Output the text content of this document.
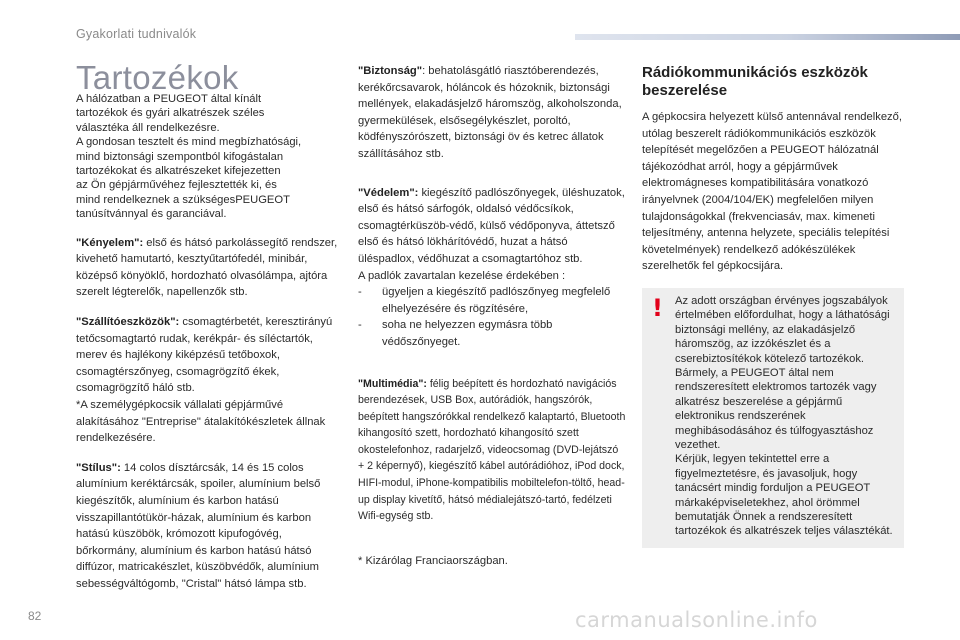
Gyakorlati tudnivalók
Tartozékok

A hálózatban a PEUGEOT által kínált
tartozékok és gyári alkatrészek széles
választéka áll rendelkezésre.
A gondosan tesztelt és mind megbízhatósági,
mind biztonsági szempontból kifogástalan
tartozékokat és alkatrészeket kifejezetten
az Ön gépjárművéhez fejlesztették ki, és
mind rendelkeznek a szükségesPEUGEOT
tanúsítvánnyal és garanciával.

"Kényelem": első és hátsó parkolássegítő rendszer, kivehető hamutartó, kesztyűtartófedél, minibár, középső könyöklő, hordozható olvasólámpa, ajtóra szerelt légterelők, napellenzők stb.

"Szállítóeszközök": csomagtérbetét, keresztirányú tetőcsomagtartó rudak, kerékpár- és síléctartók, merev és hajlékony kiképzésű tetőboxok, csomagtérszőnyeg, csomagrögzítő ékek, csomagrögzítő háló stb.

*A személygépkocsik vállalati gépjárművé alakításához "Entreprise" átalakítókészletek állnak rendelkezésére.

"Stílus": 14 colos dísztárcsák, 14 és 15 colos alumínium keréktárcsák, spoiler, alumínium belső kiegészítők, alumínium és karbon hatású visszapillantótükör-házak, alumínium és karbon hatású küszöbök, krómozott kipufogóvég, bőrkormány, alumínium és karbon hatású hátsó diffúzor, matricakészlet, küszöbvédők, alumínium sebességváltógomb, "Cristal" hátsó lámpa stb.

"Biztonság": behatolásgátló riasztóberendezés, kerékőrcsavarok, hóláncok és hózoknik, biztonsági mellények, elakadásjelző háromszög, alkoholszonda, gyermekülések, elsősegélykészlet, poroltó, ködfényszórószett, biztonsági öv és ketrec állatok szállításához stb.

"Védelem": kiegészítő padlószőnyegek, üléshuzatok, első és hátsó sárfogók, oldalsó védőcsíkok, csomagtérküszöb-védő, külső védőponyva, áttetsző első és hátsó lökhárítóvédő, huzat a hátsó üléspadlox, védőhuzat a csomagtartóhoz stb.

A padlók zavartalan kezelése érdekében :

- ügyeljen a kiegészítő padlószőnyeg megfelelő elhelyezésére és rögzítésére,
- soha ne helyezzen egymásra több védőszőnyeget.

"Multimédia": félig beépített és hordozható navigációs berendezések, USB Box, autórádiók, hangszórók, beépített hangszórókkal rendelkező kalaptartó, Bluetooth kihangosító szett, hordozható kihangosító szett okostelefonhoz, radarjelző, videocsomag (DVD-lejátszó + 2 képernyő), kiegészítő kábel autórádióhoz, iPod dock, HIFI-modul, iPhone-kompatibilis mobiltelefon-töltő, head-up display kivetítő, hátsó médialejátszó-tartó, fedélzeti Wifi-egység stb.

* Kizárólag Franciaországban.

Rádiókommunikációs eszközök beszerelése

A gépkocsira helyezett külső antennával rendelkező, utólag beszerelt rádiókommunikációs eszközök telepítését megelőzően a PEUGEOT hálózatnál tájékozódhat arról, hogy a gépjárművek elektromágneses kompatibilitására vonatkozó irányelvnek (2004/104/EK) megfelelően milyen tulajdonságokkal (frekvenciasáv, max. kimeneti teljesítmény, antenna helyzete, speciális telepítési követelmények) rendelkező adókészülékek szerelhetők fel gépkocsijára.

! Az adott országban érvényes jogszabályok értelmében előfordulhat, hogy a láthatósági biztonsági mellény, az elakadásjelző háromszög, az izzókészlet és a cserebiztosítékok kötelező tartozékok.

Bármely, a PEUGEOT által nem rendszeresített elektromos tartozék vagy alkatrész beszerelése a gépjármű elektronikus rendszerének meghibásodásához és túlfogyasztáshoz vezethet.

Kérjük, legyen tekintettel erre a figyelmeztetésre, és javasoljuk, hogy tanácsért mindig forduljon a PEUGEOT márkaképviseletekhez, ahol örömmel bemutatják Önnek a rendszeresített tartozékok és alkatrészek teljes választékát.

82	carmanualsonline.info
